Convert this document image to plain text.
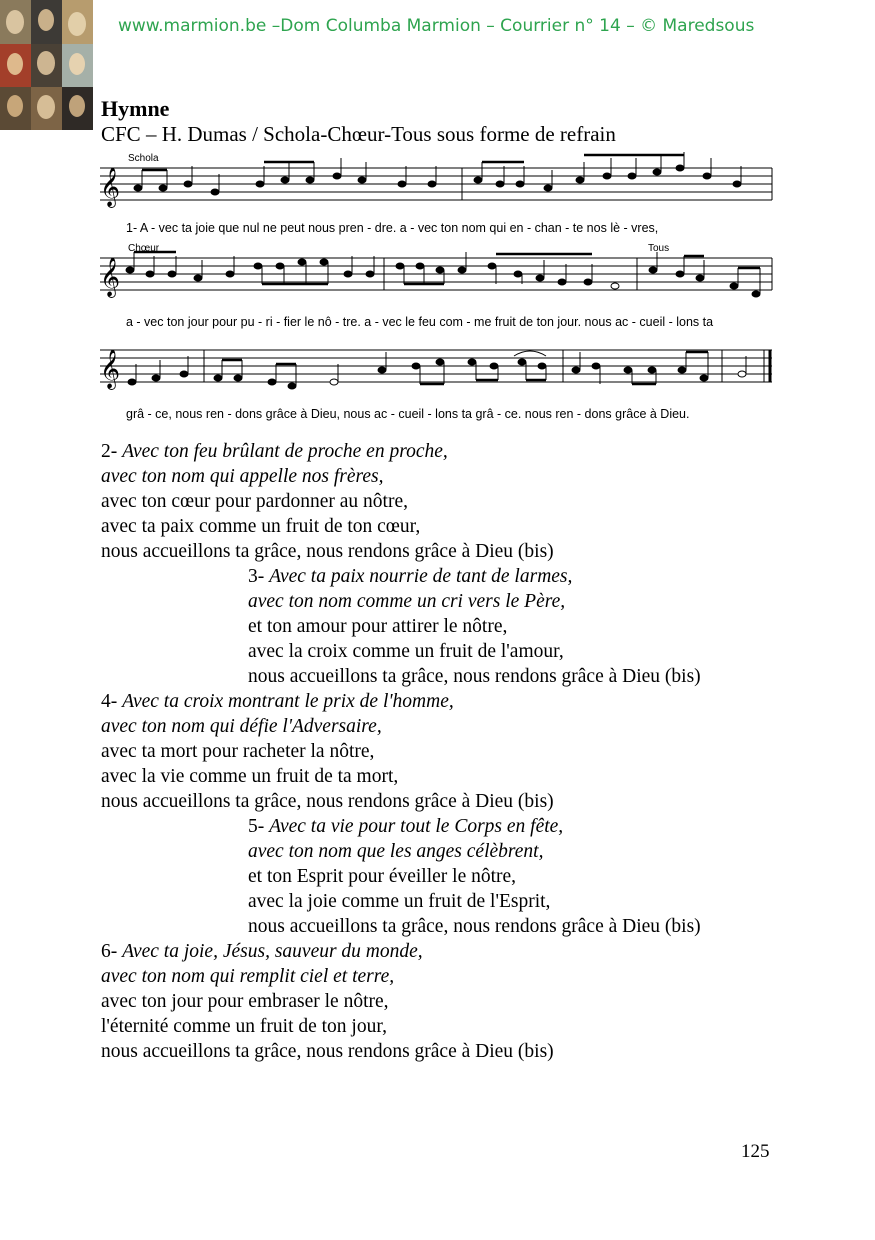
www.marmion.be –Dom Columba Marmion – Courrier n° 14 – © Maredsous
Hymne
CFC – H. Dumas / Schola-Chœur-Tous sous forme de refrain
𝄞
Schola
1- A - vec ta joie que nul ne peut nous pren - dre. a - vec ton nom qui en - chan - te nos lè - vres,
𝄞
Chœur	Tous
a - vec ton jour pour pu - ri - fier le nô - tre. a - vec le feu com - me fruit de ton jour. nous ac - cueil - lons ta
𝄞
grâ - ce, nous ren - dons grâce à Dieu, nous ac - cueil - lons ta grâ - ce. nous ren - dons grâce à Dieu.
2- Avec ton feu brûlant de proche en proche,
avec ton nom qui appelle nos frères,
avec ton cœur pour pardonner au nôtre,
avec ta paix comme un fruit de ton cœur,
nous accueillons ta grâce, nous rendons grâce à Dieu (bis)
3- Avec ta paix nourrie de tant de larmes,
avec ton nom comme un cri vers le Père,
et ton amour pour attirer le nôtre,
avec la croix comme un fruit de l'amour,
nous accueillons ta grâce, nous rendons grâce à Dieu (bis)
4- Avec ta croix montrant le prix de l'homme,
avec ton nom qui défie l'Adversaire,
avec ta mort pour racheter la nôtre,
avec la vie comme un fruit de ta mort,
nous accueillons ta grâce, nous rendons grâce à Dieu (bis)
5- Avec ta vie pour tout le Corps en fête,
avec ton nom que les anges célèbrent,
et ton Esprit pour éveiller le nôtre,
avec la joie comme un fruit de l'Esprit,
nous accueillons ta grâce, nous rendons grâce à Dieu (bis)
6- Avec ta joie, Jésus, sauveur du monde,
avec ton nom qui remplit ciel et terre,
avec ton jour pour embraser le nôtre,
l'éternité comme un fruit de ton jour,
nous accueillons ta grâce, nous rendons grâce à Dieu (bis)
125
